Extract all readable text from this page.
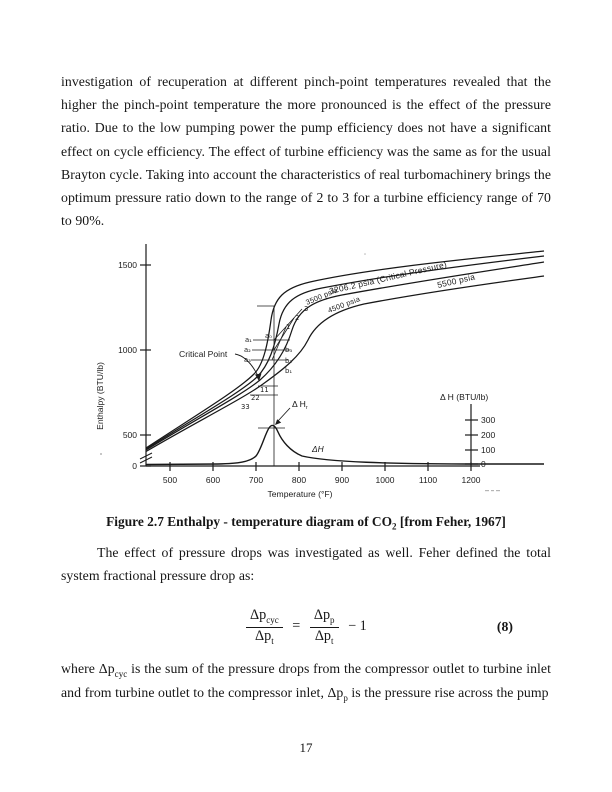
investigation of recuperation at different pinch-point temperatures revealed that the higher the pinch-point temperature the more pronounced is the effect of the pressure ratio. Due to the low pumping power the pump efficiency does not have a significant effect on cycle efficiency. The effect of turbine efficiency was the same as for the usual Brayton cycle. Taking into account the characteristics of real turbomachinery brings the optimum pressure ratio down to the range of 2 to 3 for a turbine efficiency range of 70 to 90%.
1500
1000
500
0
500	600	700	800	900	1000	1100	1200
300
200
100
0
Enthalpy (BTU/lb)
Temperature (°F)
Δ H (BTU/lb)
3206.2 psia (Critical Pressure)
5500 psia
3500 psia
4500 psia
Critical Point
Δ $H_r$
ΔH
a₁ a₀
a₂
a₃
b₃
b₂
b₁
1
2
3
11
22
33
Figure 2.7 Enthalpy - temperature diagram of $CO_2$ [from Feher, 1967]
The effect of pressure drops was investigated as well. Feher defined the total system fractional pressure drop as:
$\frac{\Delta p_{cyc}}{\Delta p_t} = \frac{\Delta p_p}{\Delta p_t} - 1$	(8)
where $\Delta p_{cyc}$ is the sum of the pressure drops from the compressor outlet to turbine inlet and from turbine outlet to the compressor inlet, $\Delta p_p$ is the pressure rise across the pump
17
